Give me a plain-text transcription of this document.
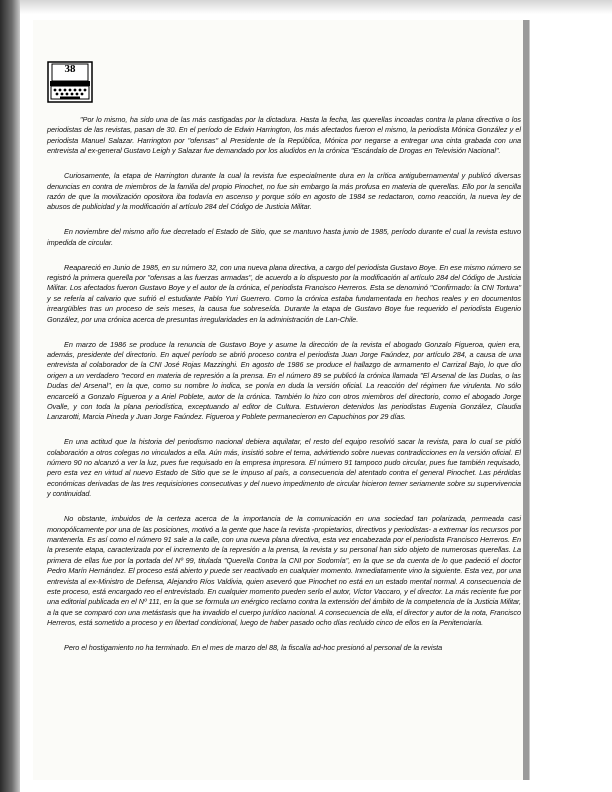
38

"Por lo mismo, ha sido una de las más castigadas por la dictadura. Hasta la fecha, las querellas incoadas contra la plana directiva o los periodistas de las revistas, pasan de 30. En el período de Edwin Harrington, los más afectados fueron el mismo, la periodista Mónica González y el periodista Manuel Salazar. Harrington por "ofensas" al Presidente de la República, Mónica por negarse a entregar una cinta grabada con una entrevista al ex-general Gustavo Leigh y Salazar fue demandado por los aludidos en la crónica "Escándalo de Drogas en Televisión Nacional".

Curiosamente, la etapa de Harrington durante la cual la revista fue especialmente dura en la crítica antigubernamental y publicó diversas denuncias en contra de miembros de la familia del propio Pinochet, no fue sin embargo la más profusa en materia de querellas. Ello por la sencilla razón de que la movilización opositora iba todavía en ascenso y porque sólo en agosto de 1984 se redactaron, como reacción, la nueva ley de abusos de publicidad y la modificación al artículo 284 del Código de Justicia Militar.

En noviembre del mismo año fue decretado el Estado de Sitio, que se mantuvo hasta junio de 1985, período durante el cual la revista estuvo impedida de circular.

Reapareció en Junio de 1985, en su número 32, con una nueva plana directiva, a cargo del periodista Gustavo Boye. En ese mismo número se registró la primera querella por "ofensas a las fuerzas armadas", de acuerdo a lo dispuesto por la modificación al artículo 284 del Código de Justicia Militar. Los afectados fueron Gustavo Boye y el autor de la crónica, el periodista Francisco Herreros. Esta se denominó "Confirmado: la CNI Tortura" y se refería al calvario que sufrió el estudiante Pablo Yuri Guerrero. Como la crónica estaba fundamentada en hechos reales y en documentos irreargüibles tras un proceso de seis meses, la causa fue sobreseída. Durante la etapa de Gustavo Boye fue requerido el periodista Eugenio González, por una crónica acerca de presuntas irregularidades en la administración de Lan-Chile.

En marzo de 1986 se produce la renuncia de Gustavo Boye y asume la dirección de la revista el abogado Gonzalo Figueroa, quien era, además, presidente del directorio. En aquel período se abrió proceso contra el periodista Juan Jorge Faúndez, por artículo 284, a causa de una entrevista al colaborador de la CNI José Rojas Mazzinghi. En agosto de 1986 se produce el hallazgo de armamento el Carrizal Bajo, lo que dio origen a un verdadero "record en materia de represión a la prensa. En el número 89 se publicó la crónica llamada "El Arsenal de las Dudas, o las Dudas del Arsenal", en la que, como su nombre lo indica, se ponía en duda la versión oficial. La reacción del régimen fue virulenta. No sólo encarceló a Gonzalo Figueroa y a Ariel Poblete, autor de la crónica. También lo hizo con otros miembros del directorio, como el abogado Jorge Ovalle, y con toda la plana periodística, exceptuando al editor de Cultura. Estuvieron detenidos las periodistas Eugenia González, Claudia Lanzarotti, Marcia Pineda y Juan Jorge Faúndez. Figueroa y Poblete permanecieron en Capuchinos por 29 días.

En una actitud que la historia del periodismo nacional debiera aquilatar, el resto del equipo resolvió sacar la revista, para lo cual se pidió colaboración a otros colegas no vinculados a ella. Aún más, insistió sobre el tema, advirtiendo sobre nuevas contradicciones en la versión oficial. El número 90 no alcanzó a ver la luz, pues fue requisado en la empresa impresora. El número 91 tampoco pudo circular, pues fue también requisado, pero esta vez en virtud al nuevo Estado de Sitio que se le impuso al país, a consecuencia del atentado contra el general Pinochet. Las pérdidas económicas derivadas de las tres requisiciones consecutivas y del nuevo impedimento de circular hicieron temer seriamente sobre su supervivencia y continuidad.

No obstante, imbuidos de la certeza acerca de la importancia de la comunicación en una sociedad tan polarizada, permeada casi monopólicamente por una de las posiciones, motivó a la gente que hace la revista -propietarios, directivos y periodistas- a extremar los recursos por mantenerla. Es así como el número 91 sale a la calle, con una nueva plana directiva, esta vez encabezada por el periodista Francisco Herreros. En la presente etapa, caracterizada por el incremento de la represión a la prensa, la revista y su personal han sido objeto de numerosas querellas. La primera de ellas fue por la portada del Nº 99, titulada "Querella Contra la CNI por Sodomía", en la que se da cuenta de lo que padeció el doctor Pedro Marín Hernández. El proceso está abierto y puede ser reactivado en cualquier momento. Inmediatamente vino la siguiente. Esta vez, por una entrevista al ex-Ministro de Defensa, Alejandro Ríos Valdivia, quien aseveró que Pinochet no está en un estado mental normal. A consecuencia de este proceso, está encargado reo el entrevistado. En cualquier momento pueden serlo el autor, Víctor Vaccaro, y el director. La más reciente fue por una editorial publicada en el Nº 111, en la que se formula un enérgico reclamo contra la extensión del ámbito de la competencia de la Justicia Militar, a la que se comparó con una metástasis que ha invadido el cuerpo jurídico nacional. A consecuencia de ella, el director y autor de la nota, Francisco Herreros, está sometido a proceso y en libertad condicional, luego de haber pasado ocho días recluido cinco de ellos en la Penitenciaría.

Pero el hostigamiento no ha terminado. En el mes de marzo del 88, la fiscalía ad-hoc presionó al personal de la revista
